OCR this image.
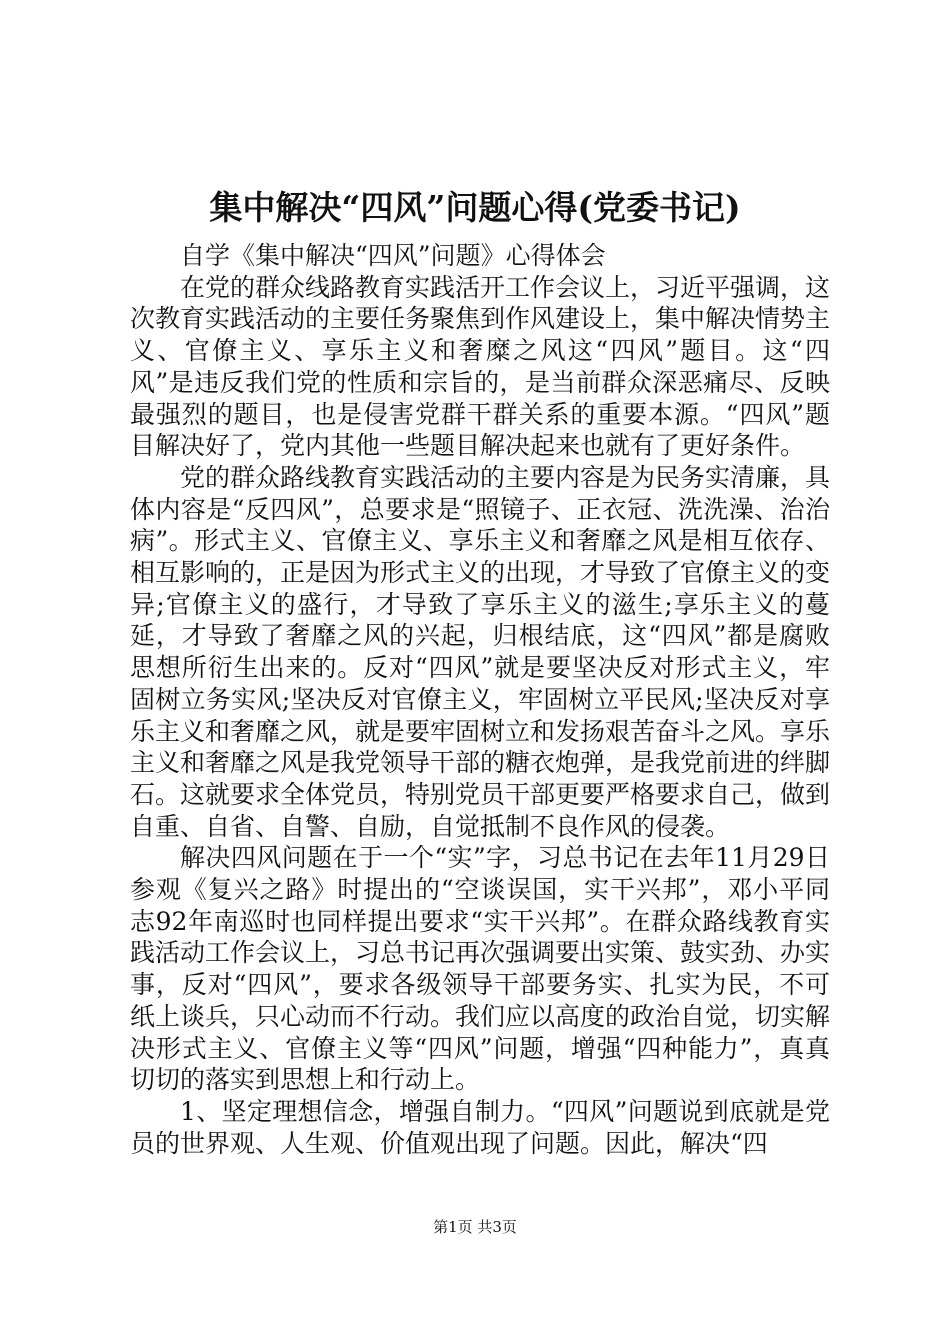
集中解决“四风”问题心得(党委书记)

自学《集中解决“四风”问题》心得体会

在党的群众线路教育实践活开工作会议上，习近平强调，这次教育实践活动的主要任务聚焦到作风建设上，集中解决情势主义、官僚主义、享乐主义和奢糜之风这“四风”题目。这“四风”是违反我们党的性质和宗旨的，是当前群众深恶痛尽、反映最强烈的题目，也是侵害党群干群关系的重要本源。“四风”题目解决好了，党内其他一些题目解决起来也就有了更好条件。

党的群众路线教育实践活动的主要内容是为民务实清廉，具体内容是“反四风”，总要求是“照镜子、正衣冠、洗洗澡、治治病”。形式主义、官僚主义、享乐主义和奢靡之风是相互依存、相互影响的，正是因为形式主义的出现，才导致了官僚主义的变异;官僚主义的盛行，才导致了享乐主义的滋生;享乐主义的蔓延，才导致了奢靡之风的兴起，归根结底，这“四风”都是腐败思想所衍生出来的。反对“四风”就是要坚决反对形式主义，牢固树立务实风;坚决反对官僚主义，牢固树立平民风;坚决反对享乐主义和奢靡之风，就是要牢固树立和发扬艰苦奋斗之风。享乐主义和奢靡之风是我党领导干部的糖衣炮弹，是我党前进的绊脚石。这就要求全体党员，特别党员干部更要严格要求自己，做到自重、自省、自警、自励，自觉抵制不良作风的侵袭。

解决四风问题在于一个“实”字，习总书记在去年11月29日参观《复兴之路》时提出的“空谈误国，实干兴邦”，邓小平同志92年南巡时也同样提出要求“实干兴邦”。在群众路线教育实践活动工作会议上，习总书记再次强调要出实策、鼓实劲、办实事，反对“四风”，要求各级领导干部要务实、扎实为民，不可纸上谈兵，只心动而不行动。我们应以高度的政治自觉，切实解决形式主义、官僚主义等“四风”问题，增强“四种能力”，真真切切的落实到思想上和行动上。

1、坚定理想信念，增强自制力。“四风”问题说到底就是党员的世界观、人生观、价值观出现了问题。因此，解决“四

第1页 共3页
